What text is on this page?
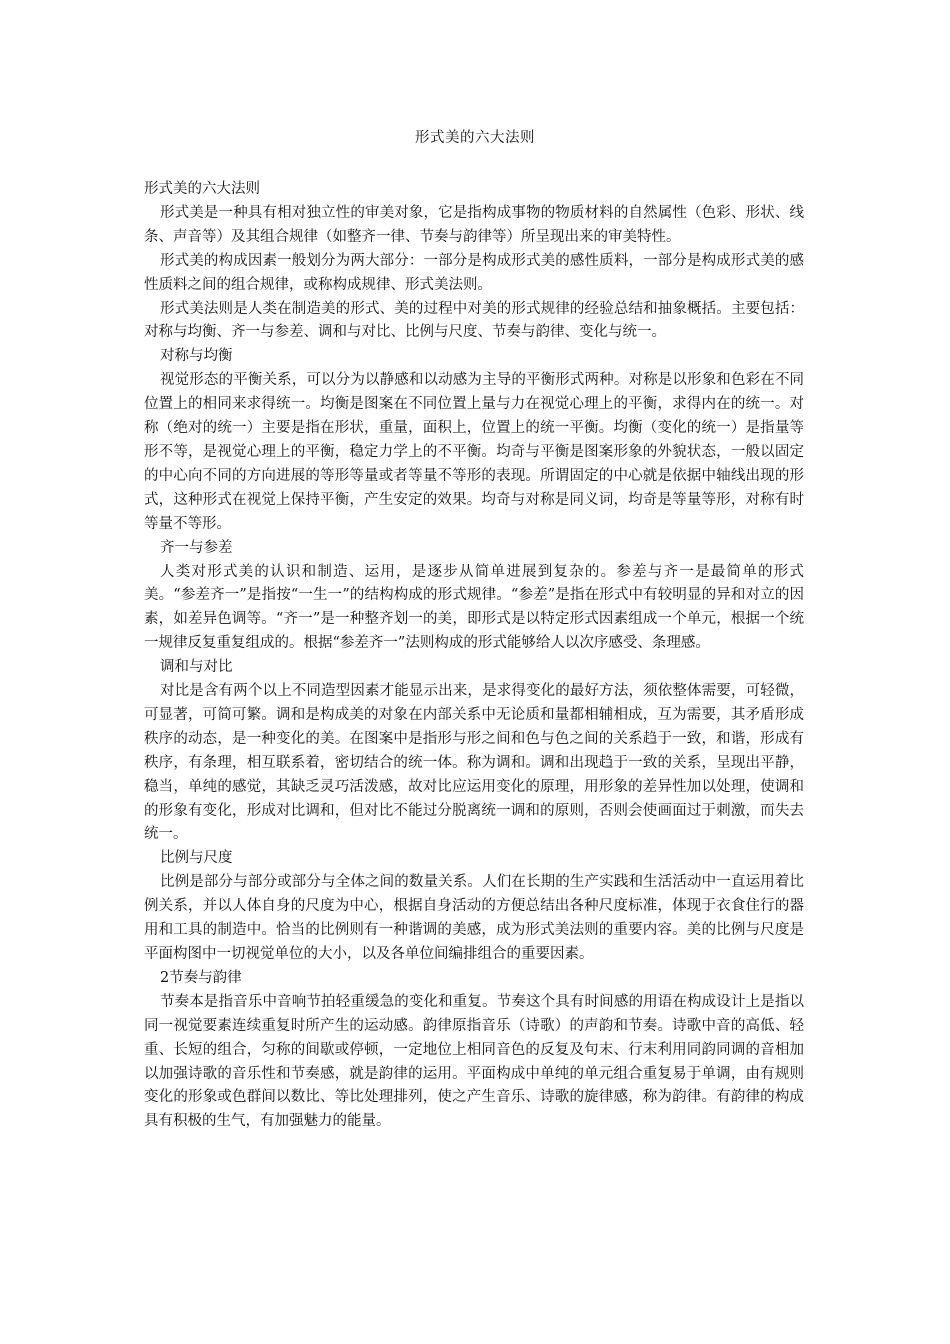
形式美的六大法则

形式美的六大法则

形式美是一种具有相对独立性的审美对象，它是指构成事物的物质材料的自然属性（色彩、形状、线条、声音等）及其组合规律（如整齐一律、节奏与韵律等）所呈现出来的审美特性。

形式美的构成因素一般划分为两大部分：一部分是构成形式美的感性质料，一部分是构成形式美的感性质料之间的组合规律，或称构成规律、形式美法则。

形式美法则是人类在制造美的形式、美的过程中对美的形式规律的经验总结和抽象概括。主要包括：对称与均衡、齐一与参差、调和与对比、比例与尺度、节奏与韵律、变化与统一。

对称与均衡

视觉形态的平衡关系，可以分为以静感和以动感为主导的平衡形式两种。对称是以形象和色彩在不同位置上的相同来求得统一。均衡是图案在不同位置上量与力在视觉心理上的平衡，求得内在的统一。对称（绝对的统一）主要是指在形状，重量，面积上，位置上的统一平衡。均衡（变化的统一）是指量等形不等，是视觉心理上的平衡，稳定力学上的不平衡。均奇与平衡是图案形象的外貌状态，一般以固定的中心向不同的方向进展的等形等量或者等量不等形的表现。所谓固定的中心就是依据中轴线出现的形式，这种形式在视觉上保持平衡，产生安定的效果。均奇与对称是同义词，均奇是等量等形，对称有时等量不等形。

齐一与参差

人类对形式美的认识和制造、运用，是逐步从简单进展到复杂的。参差与齐一是最简单的形式美。“参差齐一”是指按“一生一”的结构构成的形式规律。“参差”是指在形式中有较明显的异和对立的因素，如差异色调等。“齐一”是一种整齐划一的美，即形式是以特定形式因素组成一个单元，根据一个统一规律反复重复组成的。根据“参差齐一”法则构成的形式能够给人以次序感受、条理感。

调和与对比

对比是含有两个以上不同造型因素才能显示出来，是求得变化的最好方法，须依整体需要，可轻微，可显著，可简可繁。调和是构成美的对象在内部关系中无论质和量都相辅相成，互为需要，其矛盾形成秩序的动态，是一种变化的美。在图案中是指形与形之间和色与色之间的关系趋于一致，和谐，形成有秩序，有条理，相互联系着，密切结合的统一体。称为调和。调和出现趋于一致的关系，呈现出平静，稳当，单纯的感觉，其缺乏灵巧活泼感，故对比应运用变化的原理，用形象的差异性加以处理，使调和的形象有变化，形成对比调和，但对比不能过分脱离统一调和的原则，否则会使画面过于刺激，而失去统一。

比例与尺度

比例是部分与部分或部分与全体之间的数量关系。人们在长期的生产实践和生活活动中一直运用着比例关系，并以人体自身的尺度为中心，根据自身活动的方便总结出各种尺度标准，体现于衣食住行的器用和工具的制造中。恰当的比例则有一种谐调的美感，成为形式美法则的重要内容。美的比例与尺度是平面构图中一切视觉单位的大小，以及各单位间编排组合的重要因素。

2节奏与韵律

节奏本是指音乐中音响节拍轻重缓急的变化和重复。节奏这个具有时间感的用语在构成设计上是指以同一视觉要素连续重复时所产生的运动感。韵律原指音乐（诗歌）的声韵和节奏。诗歌中音的高低、轻重、长短的组合，匀称的间歇或停顿，一定地位上相同音色的反复及句末、行末利用同韵同调的音相加以加强诗歌的音乐性和节奏感，就是韵律的运用。平面构成中单纯的单元组合重复易于单调，由有规则变化的形象或色群间以数比、等比处理排列，使之产生音乐、诗歌的旋律感，称为韵律。有韵律的构成具有积极的生气，有加强魅力的能量。
